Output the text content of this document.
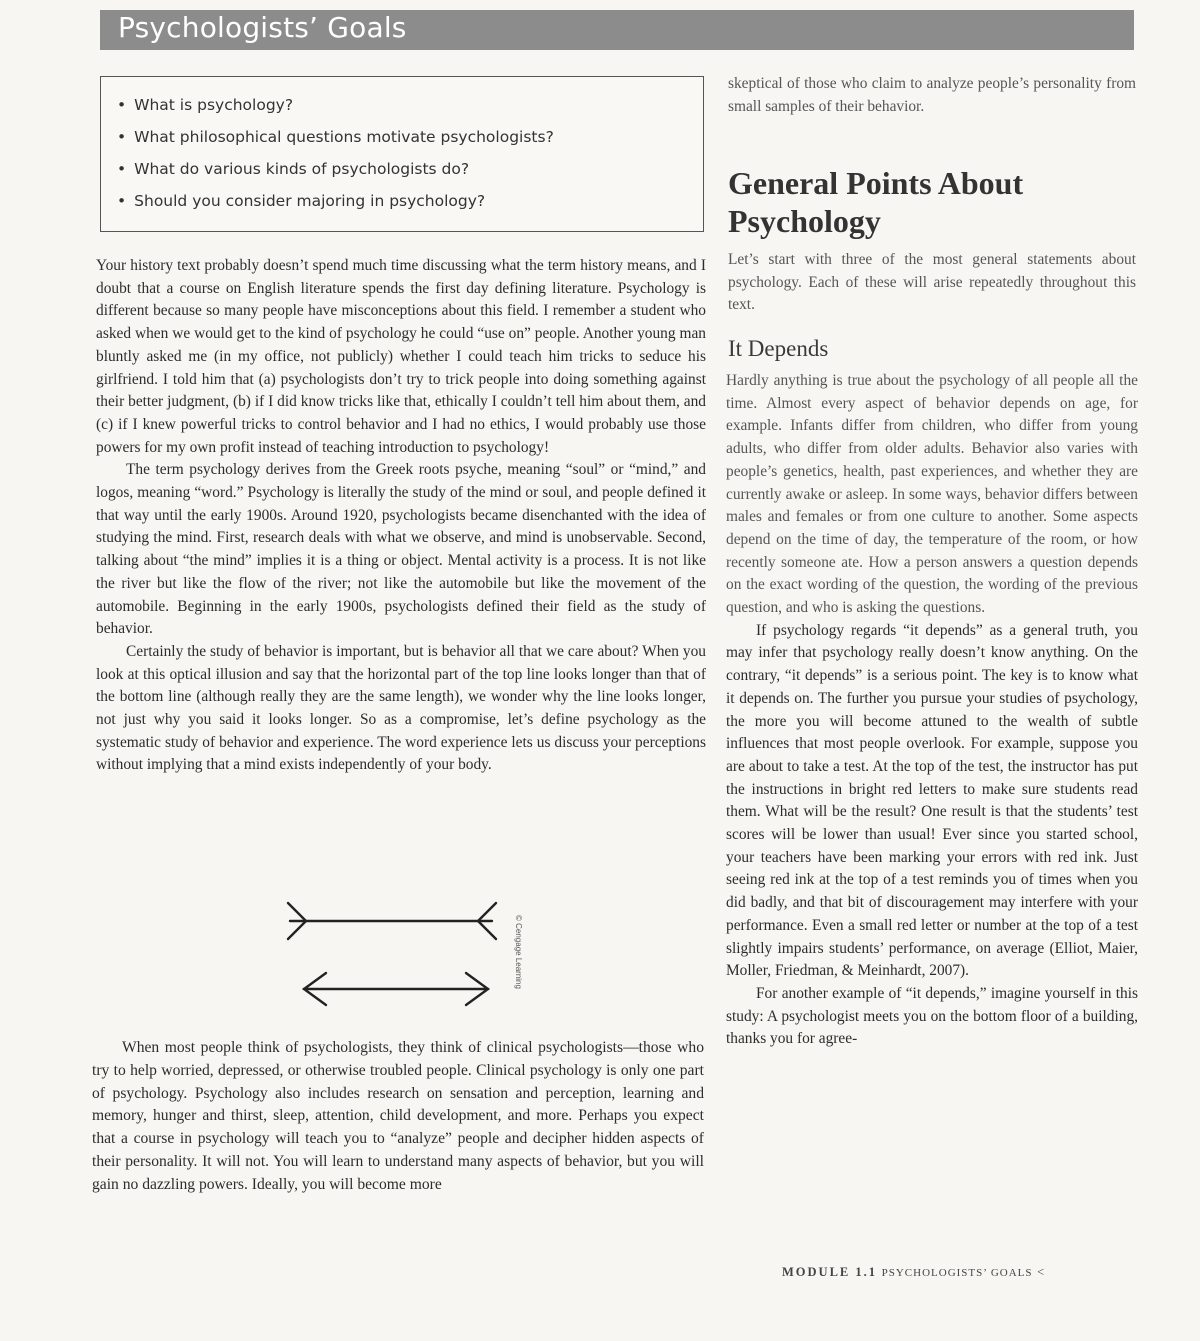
Psychologists’ Goals
• What is psychology?
• What philosophical questions motivate psychologists?
• What do various kinds of psychologists do?
• Should you consider majoring in psychology?

Your history text probably doesn’t spend much time discussing what the term history means, and I doubt that a course on English literature spends the first day defining literature. Psychology is different because so many people have misconceptions about this field. I remember a student who asked when we would get to the kind of psychology he could “use on” people. Another young man bluntly asked me (in my office, not publicly) whether I could teach him tricks to seduce his girlfriend. I told him that (a) psychologists don’t try to trick people into doing something against their better judgment, (b) if I did know tricks like that, ethically I couldn’t tell him about them, and (c) if I knew powerful tricks to control behavior and I had no ethics, I would probably use those powers for my own profit instead of teaching introduction to psychology!

The term psychology derives from the Greek roots psyche, meaning “soul” or “mind,” and logos, meaning “word.” Psychology is literally the study of the mind or soul, and people defined it that way until the early 1900s. Around 1920, psychologists became disenchanted with the idea of studying the mind. First, research deals with what we observe, and mind is unobservable. Second, talking about “the mind” implies it is a thing or object. Mental activity is a process. It is not like the river but like the flow of the river; not like the automobile but like the movement of the automobile. Beginning in the early 1900s, psychologists defined their field as the study of behavior.

Certainly the study of behavior is important, but is behavior all that we care about? When you look at this optical illusion and say that the horizontal part of the top line looks longer than that of the bottom line (although really they are the same length), we wonder why the line looks longer, not just why you said it looks longer. So as a compromise, let’s define psychology as the systematic study of behavior and experience. The word experience lets us discuss your perceptions without implying that a mind exists independently of your body.

© Cengage Learning

When most people think of psychologists, they think of clinical psychologists—those who try to help worried, depressed, or otherwise troubled people. Clinical psychology is only one part of psychology. Psychology also includes research on sensation and perception, learning and memory, hunger and thirst, sleep, attention, child development, and more. Perhaps you expect that a course in psychology will teach you to “analyze” people and decipher hidden aspects of their personality. It will not. You will learn to understand many aspects of behavior, but you will gain no dazzling powers. Ideally, you will become more

skeptical of those who claim to analyze people’s personality from small samples of their behavior.

General Points About Psychology

Let’s start with three of the most general statements about psychology. Each of these will arise repeatedly throughout this text.

It Depends

Hardly anything is true about the psychology of all people all the time. Almost every aspect of behavior depends on age, for example. Infants differ from children, who differ from young adults, who differ from older adults. Behavior also varies with people’s genetics, health, past experiences, and whether they are currently awake or asleep. In some ways, behavior differs between males and females or from one culture to another. Some aspects depend on the time of day, the temperature of the room, or how recently someone ate. How a person answers a question depends on the exact wording of the question, the wording of the previous question, and who is asking the questions.

If psychology regards “it depends” as a general truth, you may infer that psychology really doesn’t know anything. On the contrary, “it depends” is a serious point. The key is to know what it depends on. The further you pursue your studies of psychology, the more you will become attuned to the wealth of subtle influences that most people overlook. For example, suppose you are about to take a test. At the top of the test, the instructor has put the instructions in bright red letters to make sure students read them. What will be the result? One result is that the students’ test scores will be lower than usual! Ever since you started school, your teachers have been marking your errors with red ink. Just seeing red ink at the top of a test reminds you of times when you did badly, and that bit of discouragement may interfere with your performance. Even a small red letter or number at the top of a test slightly impairs students’ performance, on average (Elliot, Maier, Moller, Friedman, & Meinhardt, 2007).

For another example of “it depends,” imagine yourself in this study: A psychologist meets you on the bottom floor of a building, thanks you for agree-

MODULE 1.1 PSYCHOLOGISTS’ GOALS <
